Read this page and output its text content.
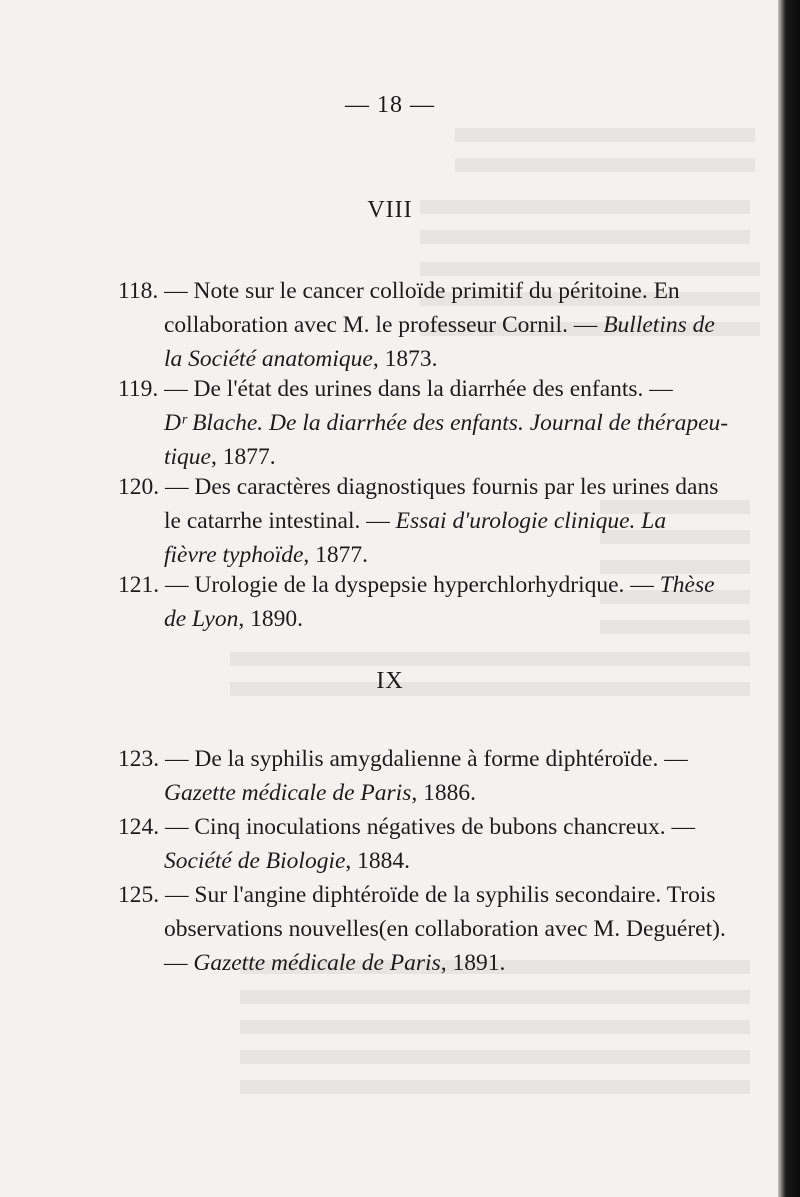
— 18 —
VIII
118. — Note sur le cancer colloïde primitif du péritoine. En
collaboration avec M. le professeur Cornil. — Bulletins de
la Société anatomique, 1873.
119. — De l'état des urines dans la diarrhée des enfants. —
Dʳ Blache. De la diarrhée des enfants. Journal de thérapeu-
tique, 1877.
120. — Des caractères diagnostiques fournis par les urines dans
le catarrhe intestinal. — Essai d'urologie clinique. La
fièvre typhoïde, 1877.
121. — Urologie de la dyspepsie hyperchlorhydrique. — Thèse
de Lyon, 1890.
IX
123. — De la syphilis amygdalienne à forme diphtéroïde. —
Gazette médicale de Paris, 1886.
124. — Cinq inoculations négatives de bubons chancreux. —
Société de Biologie, 1884.
125. — Sur l'angine diphtéroïde de la syphilis secondaire. Trois
observations nouvelles(en collaboration avec M. Deguéret).
— Gazette médicale de Paris, 1891.
